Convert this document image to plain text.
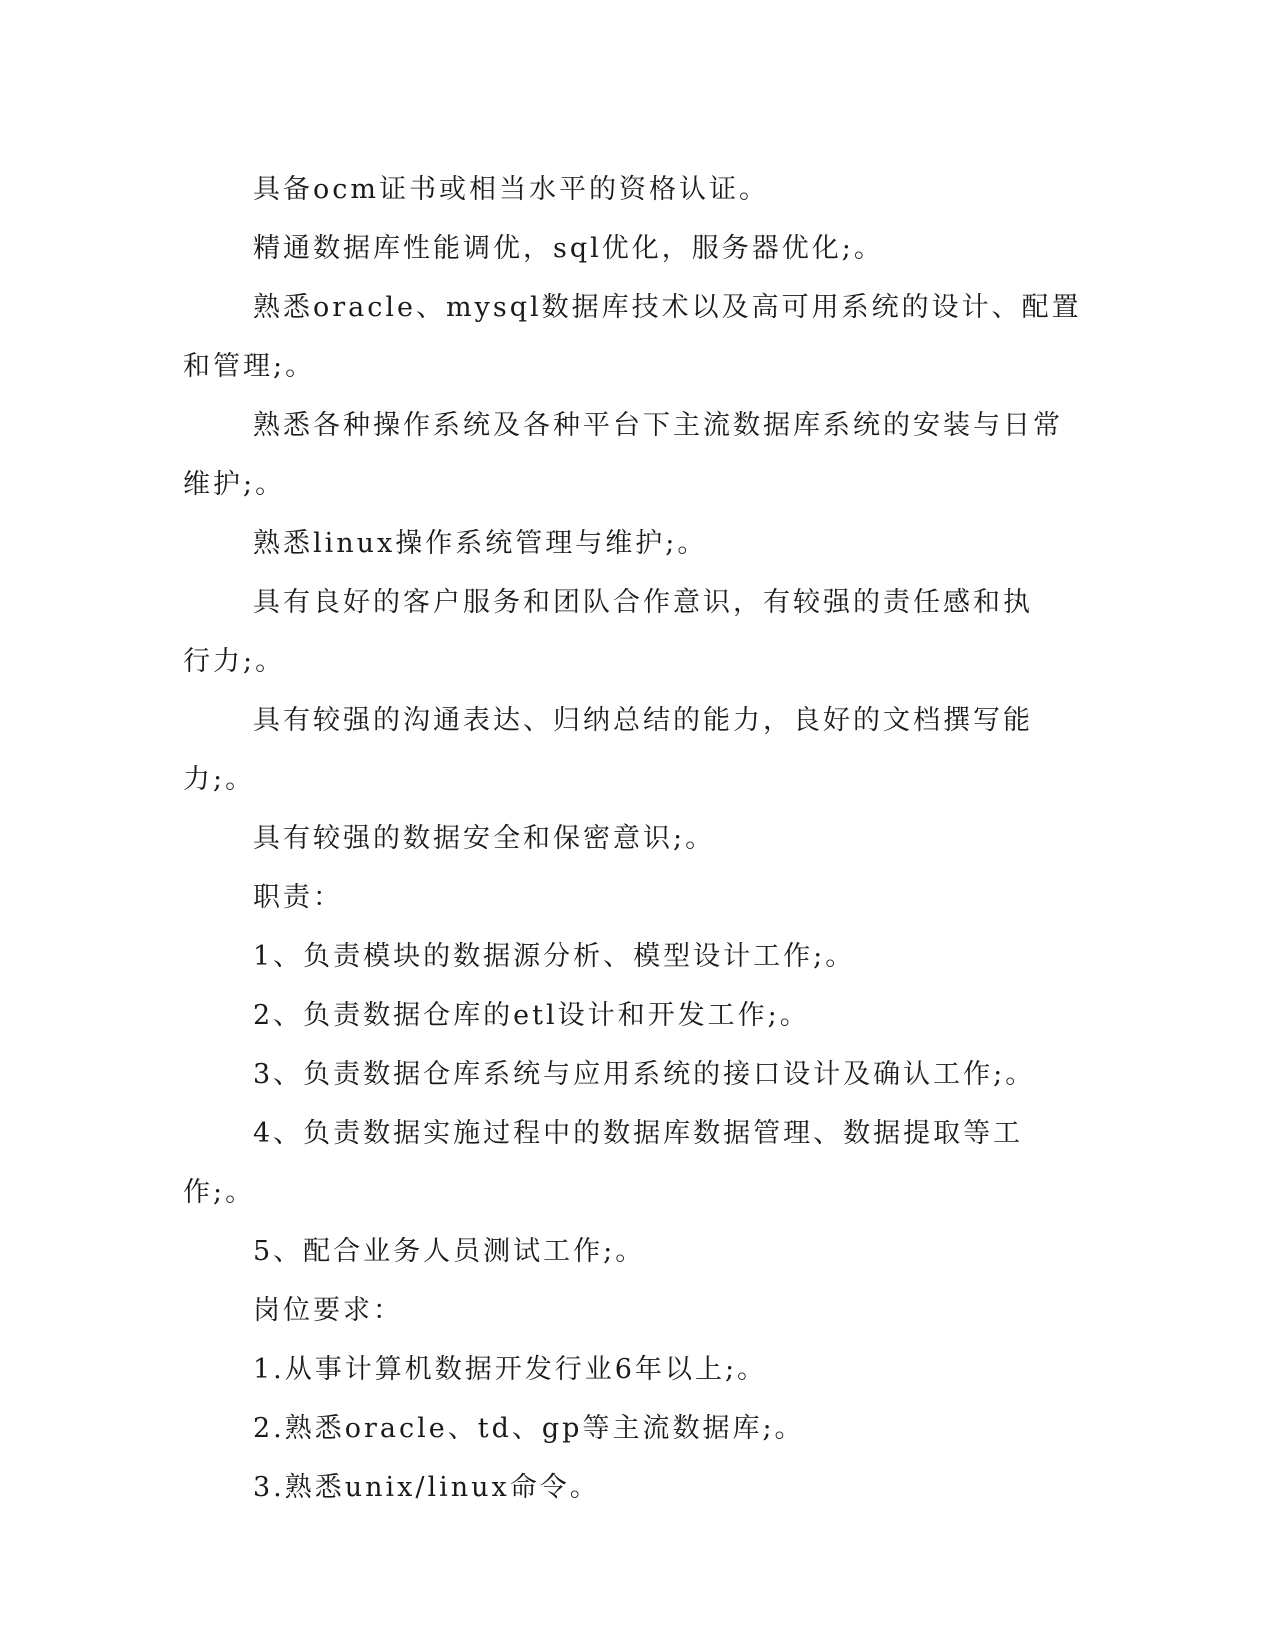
具备ocm证书或相当水平的资格认证。

精通数据库性能调优，sql优化，服务器优化;。

熟悉oracle、mysql数据库技术以及高可用系统的设计、配置和管理;。

熟悉各种操作系统及各种平台下主流数据库系统的安装与日常维护;。

熟悉linux操作系统管理与维护;。

具有良好的客户服务和团队合作意识，有较强的责任感和执行力;。

具有较强的沟通表达、归纳总结的能力，良好的文档撰写能力;。

具有较强的数据安全和保密意识;。

职责：

1、负责模块的数据源分析、模型设计工作;。

2、负责数据仓库的etl设计和开发工作;。

3、负责数据仓库系统与应用系统的接口设计及确认工作;。

4、负责数据实施过程中的数据库数据管理、数据提取等工作;。

5、配合业务人员测试工作;。

岗位要求：

1.从事计算机数据开发行业6年以上;。

2.熟悉oracle、td、gp等主流数据库;。

3.熟悉unix/linux命令。
